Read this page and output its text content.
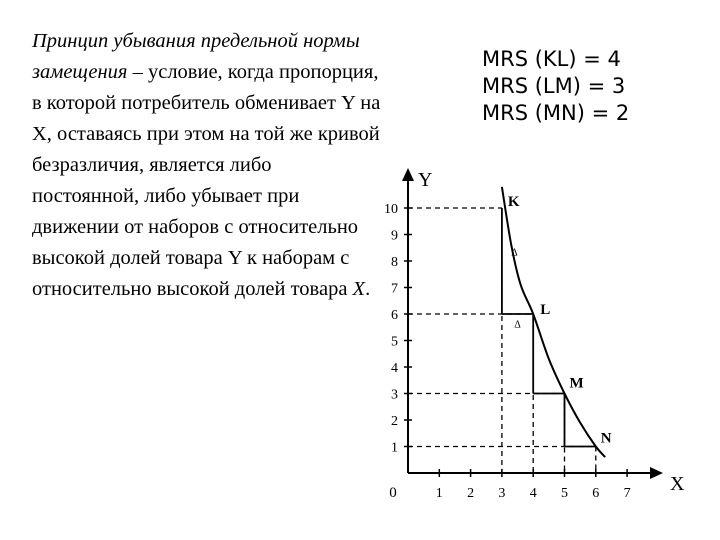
Принцип убывания предельной нормы замещения – условие, когда пропорция, в которой потребитель обменивает Y на X, оставаясь при этом на той же кривой безразличия, является либо постоянной, либо убывает при движении от наборов с относительно высокой долей товара Y к наборам с относительно высокой долей товара X.
MRS (KL) = 4
MRS (LM) = 3
MRS (MN) = 2
X
Y
0	1 2 3 4 5 6 7
1
2
3
4
5
6
7
8
9
10	K
L
M
N
Δ
Δ
